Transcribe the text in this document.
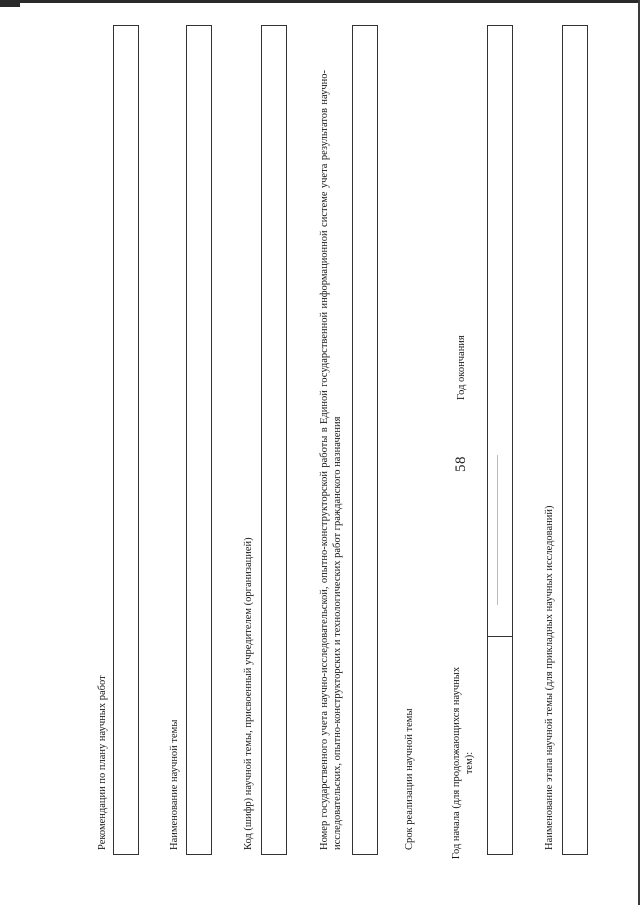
58
Рекомендации по плану научных работ	Наименование научной темы	Код (шифр) научной темы, присвоенный учредителем (организацией)	Номер государственного учета научно-исследовательской, опытно-конструкторской работы в Единой государственной информационной системе учета результатов научно-исследовательских, опытно-конструкторских и технологических работ гражданского назначения	Срок реализации научной темы	Год начала (для продолжающихся научных тем):
Год окончания
Наименование этапа научной темы (для прикладных научных исследований)
